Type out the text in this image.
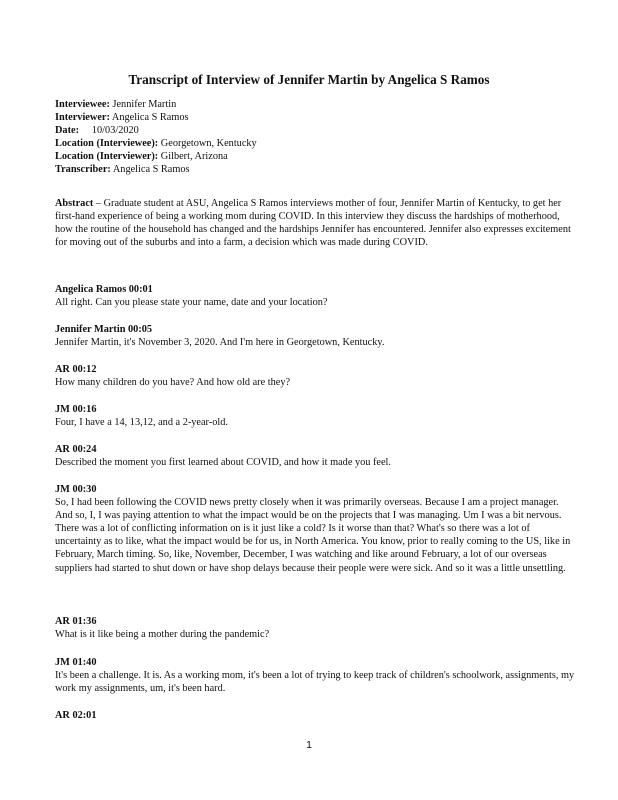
Transcript of Interview of Jennifer Martin by Angelica S Ramos
Interviewee: Jennifer Martin
Interviewer: Angelica S Ramos
Date:     10/03/2020
Location (Interviewee): Georgetown, Kentucky
Location (Interviewer): Gilbert, Arizona
Transcriber: Angelica S Ramos
Abstract – Graduate student at ASU, Angelica S Ramos interviews mother of four, Jennifer Martin of Kentucky, to get her first-hand experience of being a working mom during COVID. In this interview they discuss the hardships of motherhood, how the routine of the household has changed and the hardships Jennifer has encountered. Jennifer also expresses excitement for moving out of the suburbs and into a farm, a decision which was made during COVID.
Angelica Ramos 00:01
All right. Can you please state your name, date and your location?
Jennifer Martin 00:05
Jennifer Martin, it's November 3, 2020. And I'm here in Georgetown, Kentucky.
AR 00:12
How many children do you have? And how old are they?
JM 00:16
Four, I have a 14, 13,12, and a 2-year-old.
AR 00:24
Described the moment you first learned about COVID, and how it made you feel.
JM 00:30
So, I had been following the COVID news pretty closely when it was primarily overseas. Because I am a project manager. And so, I, I was paying attention to what the impact would be on the projects that I was managing. Um I was a bit nervous. There was a lot of conflicting information on is it just like a cold? Is it worse than that? What's so there was a lot of uncertainty as to like, what the impact would be for us, in North America. You know, prior to really coming to the US, like in February, March timing. So, like, November, December, I was watching and like around February, a lot of our overseas suppliers had started to shut down or have shop delays because their people were were sick. And so it was a little unsettling.
AR 01:36
What is it like being a mother during the pandemic?
JM 01:40
It's been a challenge. It is. As a working mom, it's been a lot of trying to keep track of children's schoolwork, assignments, my work my assignments, um, it's been hard.
AR 02:01
1
